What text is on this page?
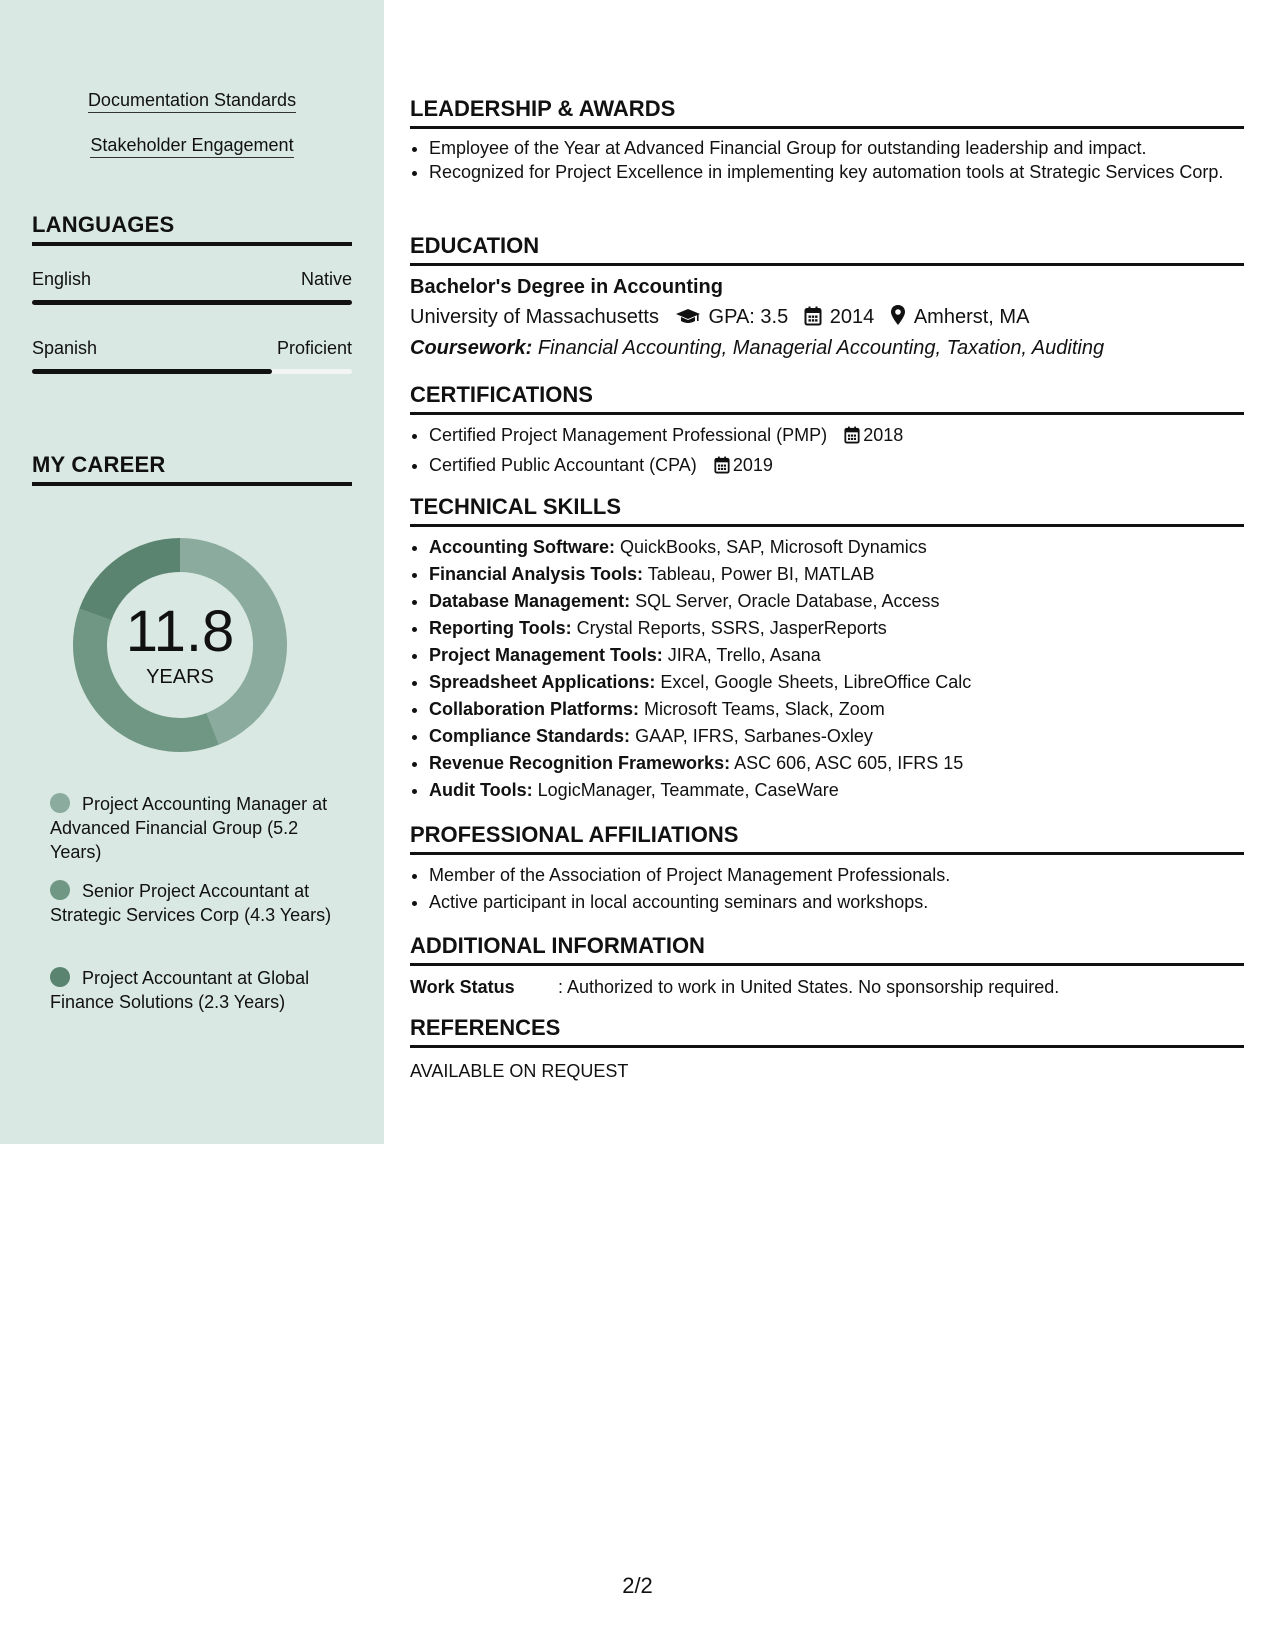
Documentation Standards
Stakeholder Engagement
LANGUAGES
English	Native
Spanish	Proficient
MY CAREER
11.8
YEARS
Project Accounting Manager at Advanced Financial Group (5.2 Years)
Senior Project Accountant at Strategic Services Corp (4.3 Years)
Project Accountant at Global Finance Solutions (2.3 Years)
LEADERSHIP & AWARDS
• Employee of the Year at Advanced Financial Group for outstanding leadership and impact.
• Recognized for Project Excellence in implementing key automation tools at Strategic Services Corp.
EDUCATION
Bachelor's Degree in Accounting
University of Massachusetts GPA: 3.5 2014 Amherst, MA
Coursework: Financial Accounting, Managerial Accounting, Taxation, Auditing
CERTIFICATIONS
• Certified Project Management Professional (PMP) 2018
• Certified Public Accountant (CPA) 2019
TECHNICAL SKILLS
• Accounting Software: QuickBooks, SAP, Microsoft Dynamics
• Financial Analysis Tools: Tableau, Power BI, MATLAB
• Database Management: SQL Server, Oracle Database, Access
• Reporting Tools: Crystal Reports, SSRS, JasperReports
• Project Management Tools: JIRA, Trello, Asana
• Spreadsheet Applications: Excel, Google Sheets, LibreOffice Calc
• Collaboration Platforms: Microsoft Teams, Slack, Zoom
• Compliance Standards: GAAP, IFRS, Sarbanes-Oxley
• Revenue Recognition Frameworks: ASC 606, ASC 605, IFRS 15
• Audit Tools: LogicManager, Teammate, CaseWare
PROFESSIONAL AFFILIATIONS
• Member of the Association of Project Management Professionals.
• Active participant in local accounting seminars and workshops.
ADDITIONAL INFORMATION
Work Status : Authorized to work in United States. No sponsorship required.
REFERENCES
AVAILABLE ON REQUEST
2/2
